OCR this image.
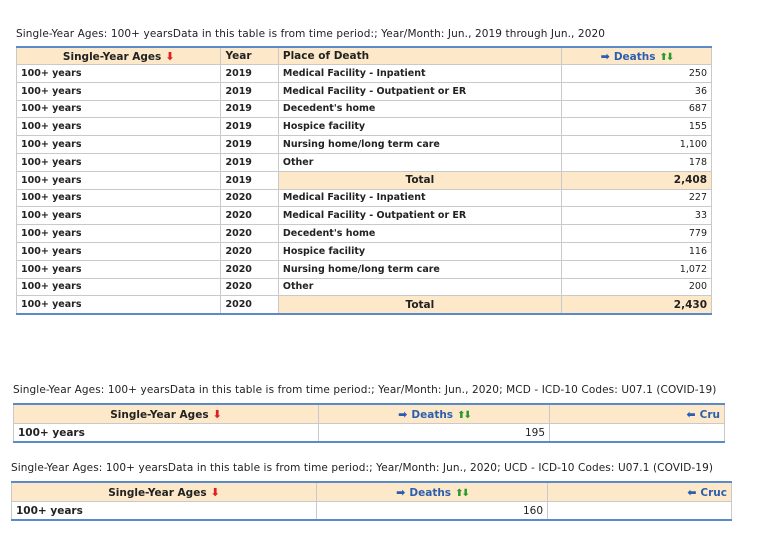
Single-Year Ages: 100+ yearsData in this table is from time period:; Year/Month: Jun., 2019 through Jun., 2020
Single-Year Ages ⬇	Year	Place of Death	➡ Deaths ⬆⬇
100+ years	2019	Medical Facility - Inpatient	250
100+ years	2019	Medical Facility - Outpatient or ER	36
100+ years	2019	Decedent's home	687
100+ years	2019	Hospice facility	155
100+ years	2019	Nursing home/long term care	1,100
100+ years	2019	Other	178
100+ years	2019	Total	2,408
100+ years	2020	Medical Facility - Inpatient	227
100+ years	2020	Medical Facility - Outpatient or ER	33
100+ years	2020	Decedent's home	779
100+ years	2020	Hospice facility	116
100+ years	2020	Nursing home/long term care	1,072
100+ years	2020	Other	200
100+ years	2020	Total	2,430
Single-Year Ages: 100+ yearsData in this table is from time period:; Year/Month: Jun., 2020; MCD - ICD-10 Codes: U07.1 (COVID-19)
Single-Year Ages ⬇	➡ Deaths ⬆⬇	⬅ Cru
100+ years	195	
Single-Year Ages: 100+ yearsData in this table is from time period:; Year/Month: Jun., 2020; UCD - ICD-10 Codes: U07.1 (COVID-19)
Single-Year Ages ⬇	➡ Deaths ⬆⬇	⬅ Cruc
100+ years	160	
